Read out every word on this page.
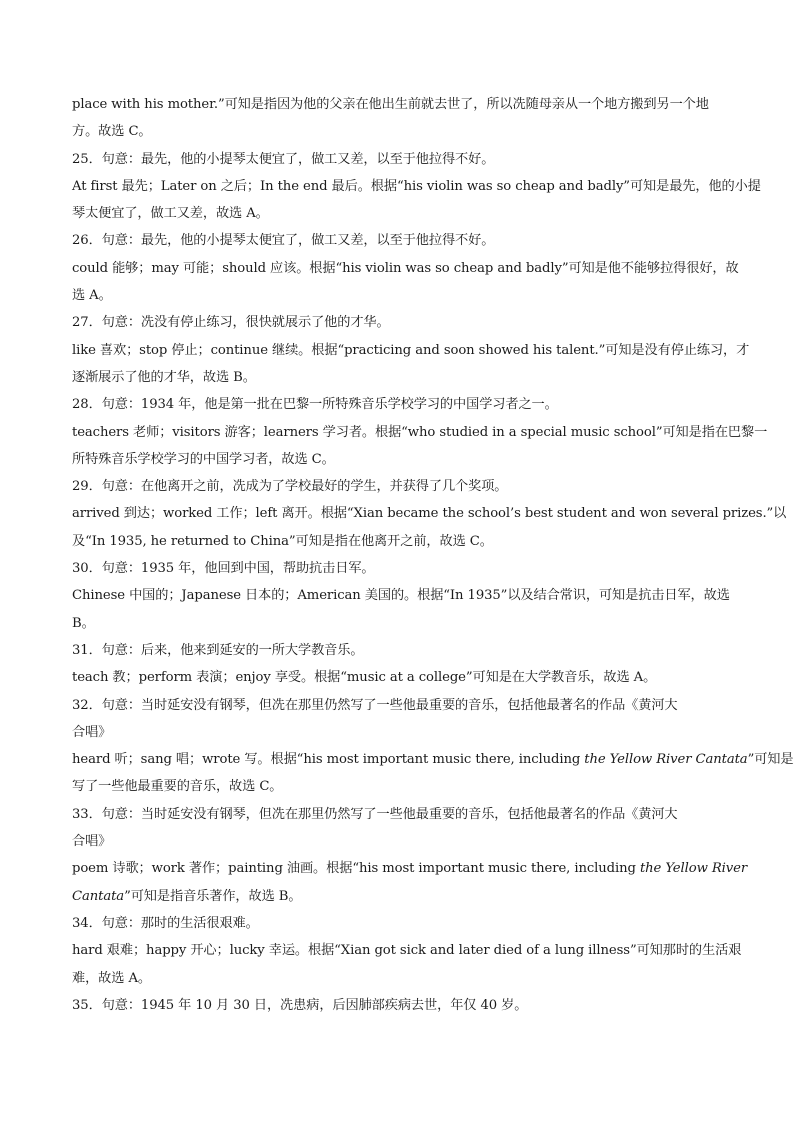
place with his mother.”可知是指因为他的父亲在他出生前就去世了，所以冼随母亲从一个地方搬到另一个地
方。故选 C。
25．句意：最先，他的小提琴太便宜了，做工又差，以至于他拉得不好。
At first 最先；Later on 之后；In the end 最后。根据“his violin was so cheap and badly”可知是最先，他的小提
琴太便宜了，做工又差，故选 A。
26．句意：最先，他的小提琴太便宜了，做工又差，以至于他拉得不好。
could 能够；may 可能；should 应该。根据“his violin was so cheap and badly”可知是他不能够拉得很好，故
选 A。
27．句意：冼没有停止练习，很快就展示了他的才华。
like 喜欢；stop 停止；continue 继续。根据“practicing and soon showed his talent.”可知是没有停止练习，才
逐渐展示了他的才华，故选 B。
28．句意：1934 年，他是第一批在巴黎一所特殊音乐学校学习的中国学习者之一。
teachers 老师；visitors 游客；learners 学习者。根据“who studied in a special music school”可知是指在巴黎一
所特殊音乐学校学习的中国学习者，故选 C。
29．句意：在他离开之前，冼成为了学校最好的学生，并获得了几个奖项。
arrived 到达；worked 工作；left 离开。根据“Xian became the school’s best student and won several prizes.”以
及“In 1935, he returned to China”可知是指在他离开之前，故选 C。
30．句意：1935 年，他回到中国，帮助抗击日军。
Chinese 中国的；Japanese 日本的；American 美国的。根据“In 1935”以及结合常识，可知是抗击日军，故选
B。
31．句意：后来，他来到延安的一所大学教音乐。
teach 教；perform 表演；enjoy 享受。根据“music at a college”可知是在大学教音乐，故选 A。
32．句意：当时延安没有钢琴，但冼在那里仍然写了一些他最重要的音乐，包括他最著名的作品《黄河大
合唱》
heard 听；sang 唱；wrote 写。根据“his most important music there, including the Yellow River Cantata”可知是
写了一些他最重要的音乐，故选 C。
33．句意：当时延安没有钢琴，但冼在那里仍然写了一些他最重要的音乐，包括他最著名的作品《黄河大
合唱》
poem 诗歌；work 著作；painting 油画。根据“his most important music there, including the Yellow River
Cantata”可知是指音乐著作，故选 B。
34．句意：那时的生活很艰难。
hard 艰难；happy 开心；lucky 幸运。根据“Xian got sick and later died of a lung illness”可知那时的生活艰
难，故选 A。
35．句意：1945 年 10 月 30 日，冼患病，后因肺部疾病去世，年仅 40 岁。
